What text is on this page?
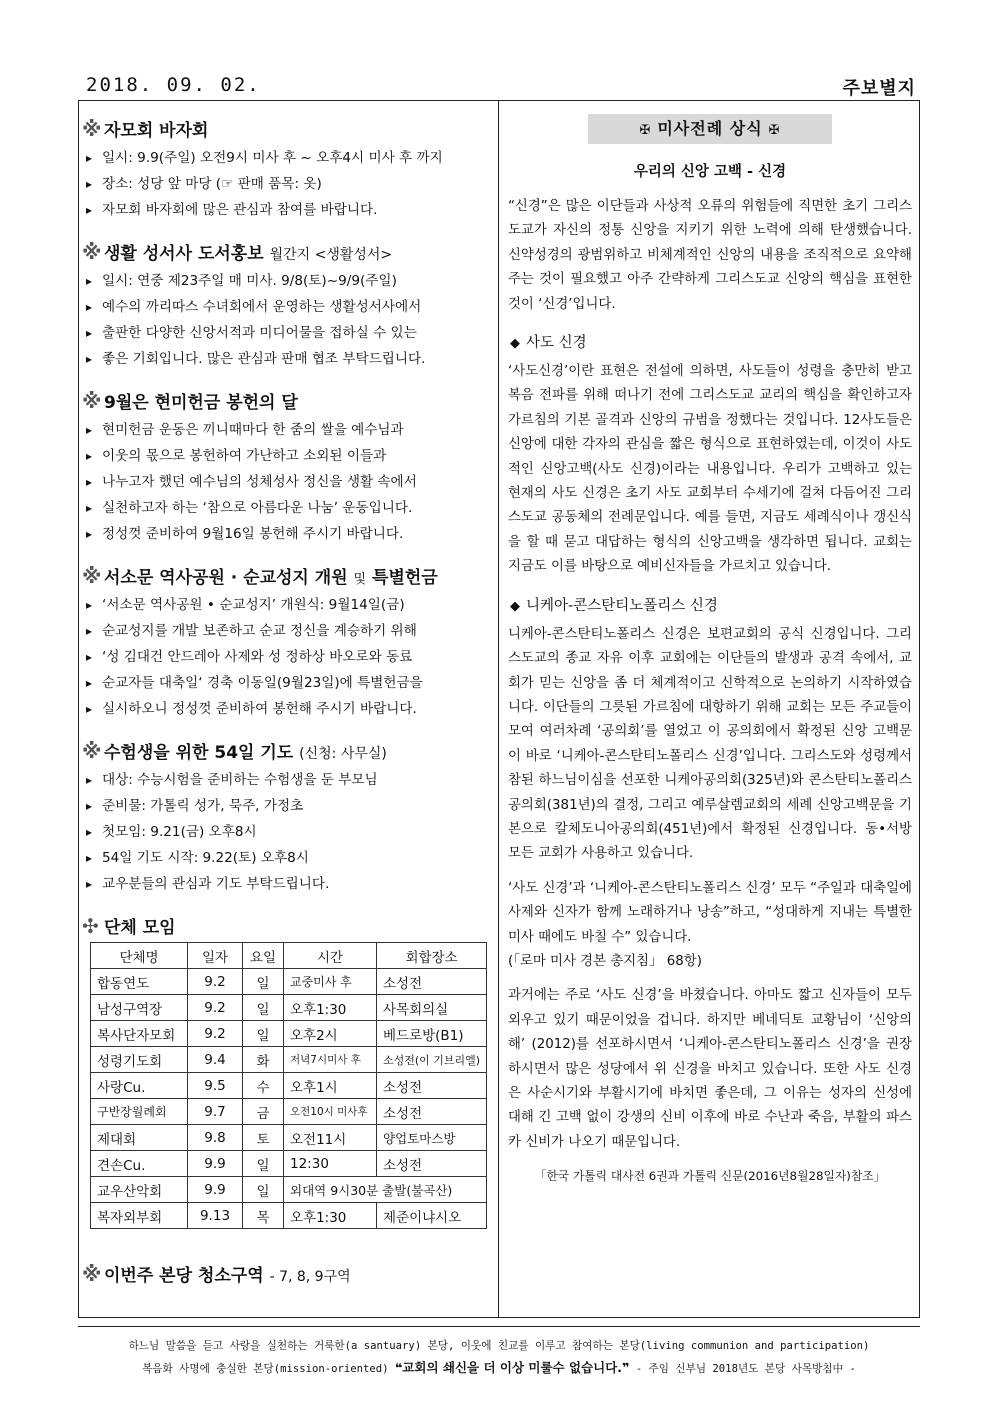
2018. 09. 02.	주보별지
※ 자모회 바자회

▸ 일시: 9.9(주일) 오전9시 미사 후 ~ 오후4시 미사 후 까지

▸ 장소: 성당 앞 마당 (☞ 판매 품목: 옷)

▸ 자모회 바자회에 많은 관심과 참여를 바랍니다.

※ 생활 성서사 도서홍보 월간지 <생활성서>

▸ 일시: 연중 제23주일 매 미사. 9/8(토)~9/9(주일)

▸ 예수의 까리따스 수녀회에서 운영하는 생활성서사에서

▸ 출판한 다양한 신앙서적과 미디어물을 접하실 수 있는

▸ 좋은 기회입니다. 많은 관심과 판매 협조 부탁드립니다.

※ 9월은 현미헌금 봉헌의 달

▸ 현미헌금 운동은 끼니때마다 한 줌의 쌀을 예수님과

▸ 이웃의 몫으로 봉헌하여 가난하고 소외된 이들과

▸ 나누고자 했던 예수님의 성체성사 정신을 생활 속에서

▸ 실천하고자 하는 ‘참으로 아름다운 나눔’ 운동입니다.

▸ 정성껏 준비하여 9월16일 봉헌해 주시기 바랍니다.

※ 서소문 역사공원 · 순교성지 개원 및 특별헌금

▸ ‘서소문 역사공원 • 순교성지’ 개원식: 9월14일(금)

▸ 순교성지를 개발 보존하고 순교 정신을 계승하기 위해

▸ ‘성 김대건 안드레아 사제와 성 정하상 바오로와 동료

▸ 순교자들 대축일‘ 경축 이동일(9월23일)에 특별헌금을

▸ 실시하오니 정성껏 준비하여 봉헌해 주시기 바랍니다.

※ 수험생을 위한 54일 기도 (신청: 사무실)

▸ 대상: 수능시험을 준비하는 수험생을 둔 부모님

▸ 준비물: 가톨릭 성가, 묵주, 가정초

▸ 첫모임: 9.21(금) 오후8시

▸ 54일 기도 시작: 9.22(토) 오후8시

▸ 교우분들의 관심과 기도 부탁드립니다.

✣ 단체 모임
단체명	일자	요일	시간	회합장소
합동연도	9.2	일	교중미사 후	소성전
남성구역장	9.2	일	오후1:30	사목회의실
복사단자모회	9.2	일	오후2시	베드로방(B1)
성령기도회	9.4	화	저녁7시미사 후	소성전(이 기브리엘)
사랑Cu.	9.5	수	오후1시	소성전
구반장월례회	9.7	금	오전10시 미사후	소성전
제대회	9.8	토	오전11시	양업토마스방
견손Cu.	9.9	일	12:30	소성전
교우산악회	9.9	일	외대역 9시30분 출발(불곡산)	
복자외부회	9.13	목	오후1:30	제준이냐시오
※ 이번주 본당 청소구역 - 7, 8, 9구역
✠ 미사전례 상식 ✠
우리의 신앙 고백 - 신경

“신경”은 많은 이단들과 사상적 오류의 위험들에 직면한 초기 그리스도교가 자신의 정통 신앙을 지키기 위한 노력에 의해 탄생했습니다. 신약성경의 광범위하고 비체계적인 신앙의 내용을 조직적으로 요약해 주는 것이 필요했고 아주 간략하게 그리스도교 신앙의 핵심을 표현한 것이 ‘신경’입니다.

◆ 사도 신경

‘사도신경’이란 표현은 전설에 의하면, 사도들이 성령을 충만히 받고 복음 전파를 위해 떠나기 전에 그리스도교 교리의 핵심을 확인하고자 가르침의 기본 골격과 신앙의 규범을 정했다는 것입니다. 12사도들은 신앙에 대한 각자의 관심을 짧은 형식으로 표현하였는데, 이것이 사도적인 신앙고백(사도 신경)이라는 내용입니다. 우리가 고백하고 있는 현재의 사도 신경은 초기 사도 교회부터 수세기에 걸쳐 다듬어진 그리스도교 공동체의 전례문입니다. 예를 들면, 지금도 세례식이나 갱신식을 할 때 묻고 대답하는 형식의 신앙고백을 생각하면 됩니다. 교회는 지금도 이를 바탕으로 예비신자들을 가르치고 있습니다.

◆ 니케아-콘스탄티노폴리스 신경

니케아-콘스탄티노폴리스 신경은 보편교회의 공식 신경입니다. 그리스도교의 종교 자유 이후 교회에는 이단들의 발생과 공격 속에서, 교회가 믿는 신앙을 좀 더 체계적이고 신학적으로 논의하기 시작하였습니다. 이단들의 그릇된 가르침에 대항하기 위해 교회는 모든 주교들이 모여 여러차례 ‘공의회’를 열었고 이 공의회에서 확정된 신앙 고백문이 바로 ‘니케아-콘스탄티노폴리스 신경’입니다. 그리스도와 성령께서 참된 하느님이심을 선포한 니케아공의회(325년)와 콘스탄티노폴리스공의회(381년)의 결정, 그리고 예루살렘교회의 세례 신앙고백문을 기본으로 칼체도니아공의회(451년)에서 확정된 신경입니다. 동•서방 모든 교회가 사용하고 있습니다.

‘사도 신경’과 ‘니케아-콘스탄티노폴리스 신경’ 모두 “주일과 대축일에 사제와 신자가 함께 노래하거나 낭송”하고, “성대하게 지내는 특별한 미사 때에도 바칠 수” 있습니다.

(「로마 미사 경본 총지침」 68항)

과거에는 주로 ‘사도 신경’을 바쳤습니다. 아마도 짧고 신자들이 모두 외우고 있기 때문이었을 겁니다. 하지만 베네딕토 교황님이 ‘신앙의 해’ (2012)를 선포하시면서 ‘니케아-콘스탄티노폴리스 신경’을 권장하시면서 많은 성당에서 위 신경을 바치고 있습니다. 또한 사도 신경은 사순시기와 부활시기에 바치면 좋은데, 그 이유는 성자의 신성에 대해 긴 고백 없이 강생의 신비 이후에 바로 수난과 죽음, 부활의 파스카 신비가 나오기 때문입니다.

「한국 가톨릭 대사전 6권과 가톨릭 신문(2016년8월28일자)참조」
하느님 말씀을 듣고 사랑을 실천하는 거룩한(a santuary) 본당, 이웃에 친교를 이루고 참여하는 본당(living communion and participation)
복음화 사명에 충실한 본당(mission-oriented) ❝교회의 쇄신을 더 이상 미룰수 없습니다.❞ - 주임 신부님 2018년도 본당 사목방침中 -
